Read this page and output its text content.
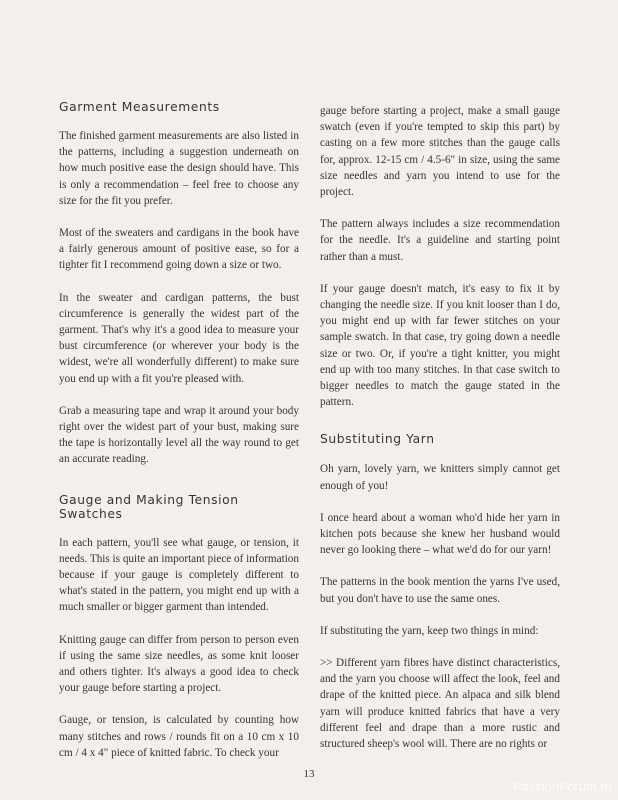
Garment Measurements

The finished garment measurements are also listed in the patterns, including a suggestion underneath on how much positive ease the design should have. This is only a recommendation – feel free to choose any size for the fit you prefer.

Most of the sweaters and cardigans in the book have a fairly generous amount of positive ease, so for a tighter fit I recommend going down a size or two.

In the sweater and cardigan patterns, the bust circumference is generally the widest part of the garment. That's why it's a good idea to measure your bust circumference (or wherever your body is the widest, we're all wonderfully different) to make sure you end up with a fit you're pleased with.

Grab a measuring tape and wrap it around your body right over the widest part of your bust, making sure the tape is horizontally level all the way round to get an accurate reading.

Gauge and Making Tension Swatches

In each pattern, you'll see what gauge, or tension, it needs. This is quite an important piece of information because if your gauge is completely different to what's stated in the pattern, you might end up with a much smaller or bigger garment than intended.

Knitting gauge can differ from person to person even if using the same size needles, as some knit looser and others tighter. It's always a good idea to check your gauge before starting a project.

Gauge, or tension, is calculated by counting how many stitches and rows / rounds fit on a 10 cm x 10 cm / 4 x 4" piece of knitted fabric. To check your

gauge before starting a project, make a small gauge swatch (even if you're tempted to skip this part) by casting on a few more stitches than the gauge calls for, approx. 12-15 cm / 4.5-6" in size, using the same size needles and yarn you intend to use for the project.

The pattern always includes a size recommendation for the needle. It's a guideline and starting point rather than a must.

If your gauge doesn't match, it's easy to fix it by changing the needle size. If you knit looser than I do, you might end up with far fewer stitches on your sample swatch. In that case, try going down a needle size or two. Or, if you're a tight knitter, you might end up with too many stitches. In that case switch to bigger needles to match the gauge stated in the pattern.

Substituting Yarn

Oh yarn, lovely yarn, we knitters simply cannot get enough of you!

I once heard about a woman who'd hide her yarn in kitchen pots because she knew her husband would never go looking there – what we'd do for our yarn!

The patterns in the book mention the yarns I've used, but you don't have to use the same ones.

If substituting the yarn, keep two things in mind:

>> Different yarn fibres have distinct characteristics, and the yarn you choose will affect the look, feel and drape of the knitted piece. An alpaca and silk blend yarn will produce knitted fabrics that have a very different feel and drape than a more rustic and structured sheep's wool will. There are no rights or

13
PassionForum.ru
